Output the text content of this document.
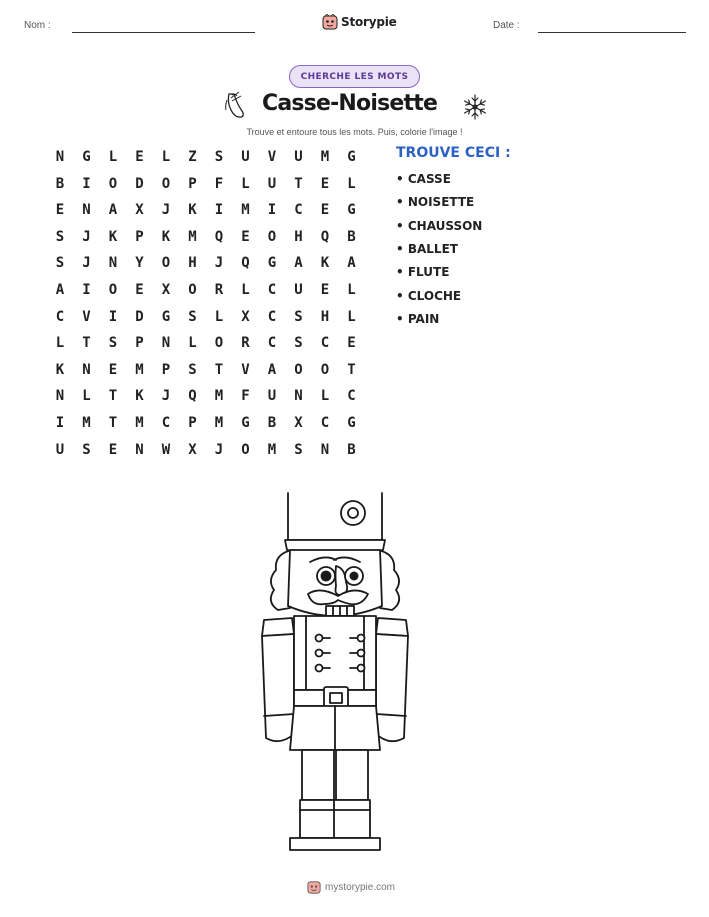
Nom :	Date :
Storypie
CHERCHE LES MOTS
Casse-Noisette
Trouve et entoure tous les mots. Puis, colorie l'image !
N	G	L	E	L	Z	S	U	V	U	M	G
B	I	O	D	O	P	F	L	U	T	E	L
E	N	A	X	J	K	I	M	I	C	E	G
S	J	K	P	K	M	Q	E	O	H	Q	B
S	J	N	Y	O	H	J	Q	G	A	K	A
A	I	O	E	X	O	R	L	C	U	E	L
C	V	I	D	G	S	L	X	C	S	H	L
L	T	S	P	N	L	O	R	C	S	C	E
K	N	E	M	P	S	T	V	A	O	O	T
N	L	T	K	J	Q	M	F	U	N	L	C
I	M	T	M	C	P	M	G	B	X	C	G
U	S	E	N	W	X	J	O	M	S	N	B
TROUVE CECI :
• CASSE
• NOISETTE
• CHAUSSON
• BALLET
• FLUTE
• CLOCHE
• PAIN
mystorypie.com
